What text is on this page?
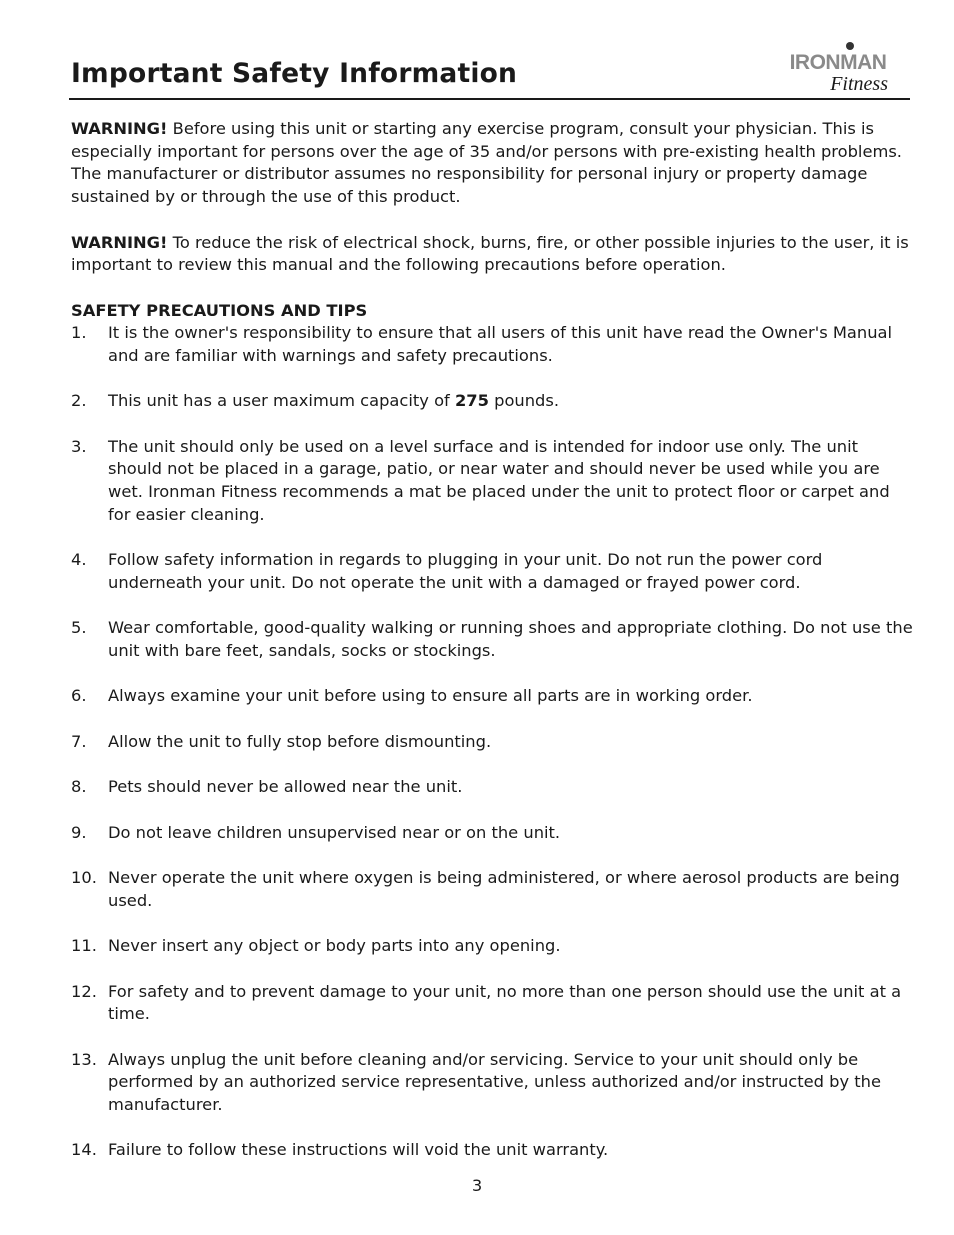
Important Safety Information	IRONMAN
Fitness

WARNING! Before using this unit or starting any exercise program, consult your physician. This is especially important for persons over the age of 35 and/or persons with pre-existing health problems. The manufacturer or distributor assumes no responsibility for personal injury or property damage sustained by or through the use of this product.

WARNING! To reduce the risk of electrical shock, burns, fire, or other possible injuries to the user, it is important to review this manual and the following precautions before operation.

SAFETY PRECAUTIONS AND TIPS

1. It is the owner's responsibility to ensure that all users of this unit have read the Owner's Manual and are familiar with warnings and safety precautions.
2. This unit has a user maximum capacity of 275 pounds.
3. The unit should only be used on a level surface and is intended for indoor use only. The unit should not be placed in a garage, patio, or near water and should never be used while you are wet. Ironman Fitness recommends a mat be placed under the unit to protect floor or carpet and for easier cleaning.
4. Follow safety information in regards to plugging in your unit. Do not run the power cord underneath your unit. Do not operate the unit with a damaged or frayed power cord.
5. Wear comfortable, good-quality walking or running shoes and appropriate clothing. Do not use the unit with bare feet, sandals, socks or stockings.
6. Always examine your unit before using to ensure all parts are in working order.
7. Allow the unit to fully stop before dismounting.
8. Pets should never be allowed near the unit.
9. Do not leave children unsupervised near or on the unit.
10. Never operate the unit where oxygen is being administered, or where aerosol products are being used.
11. Never insert any object or body parts into any opening.
12. For safety and to prevent damage to your unit, no more than one person should use the unit at a time.
13. Always unplug the unit before cleaning and/or servicing. Service to your unit should only be performed by an authorized service representative, unless authorized and/or instructed by the manufacturer.
14. Failure to follow these instructions will void the unit warranty.
3
